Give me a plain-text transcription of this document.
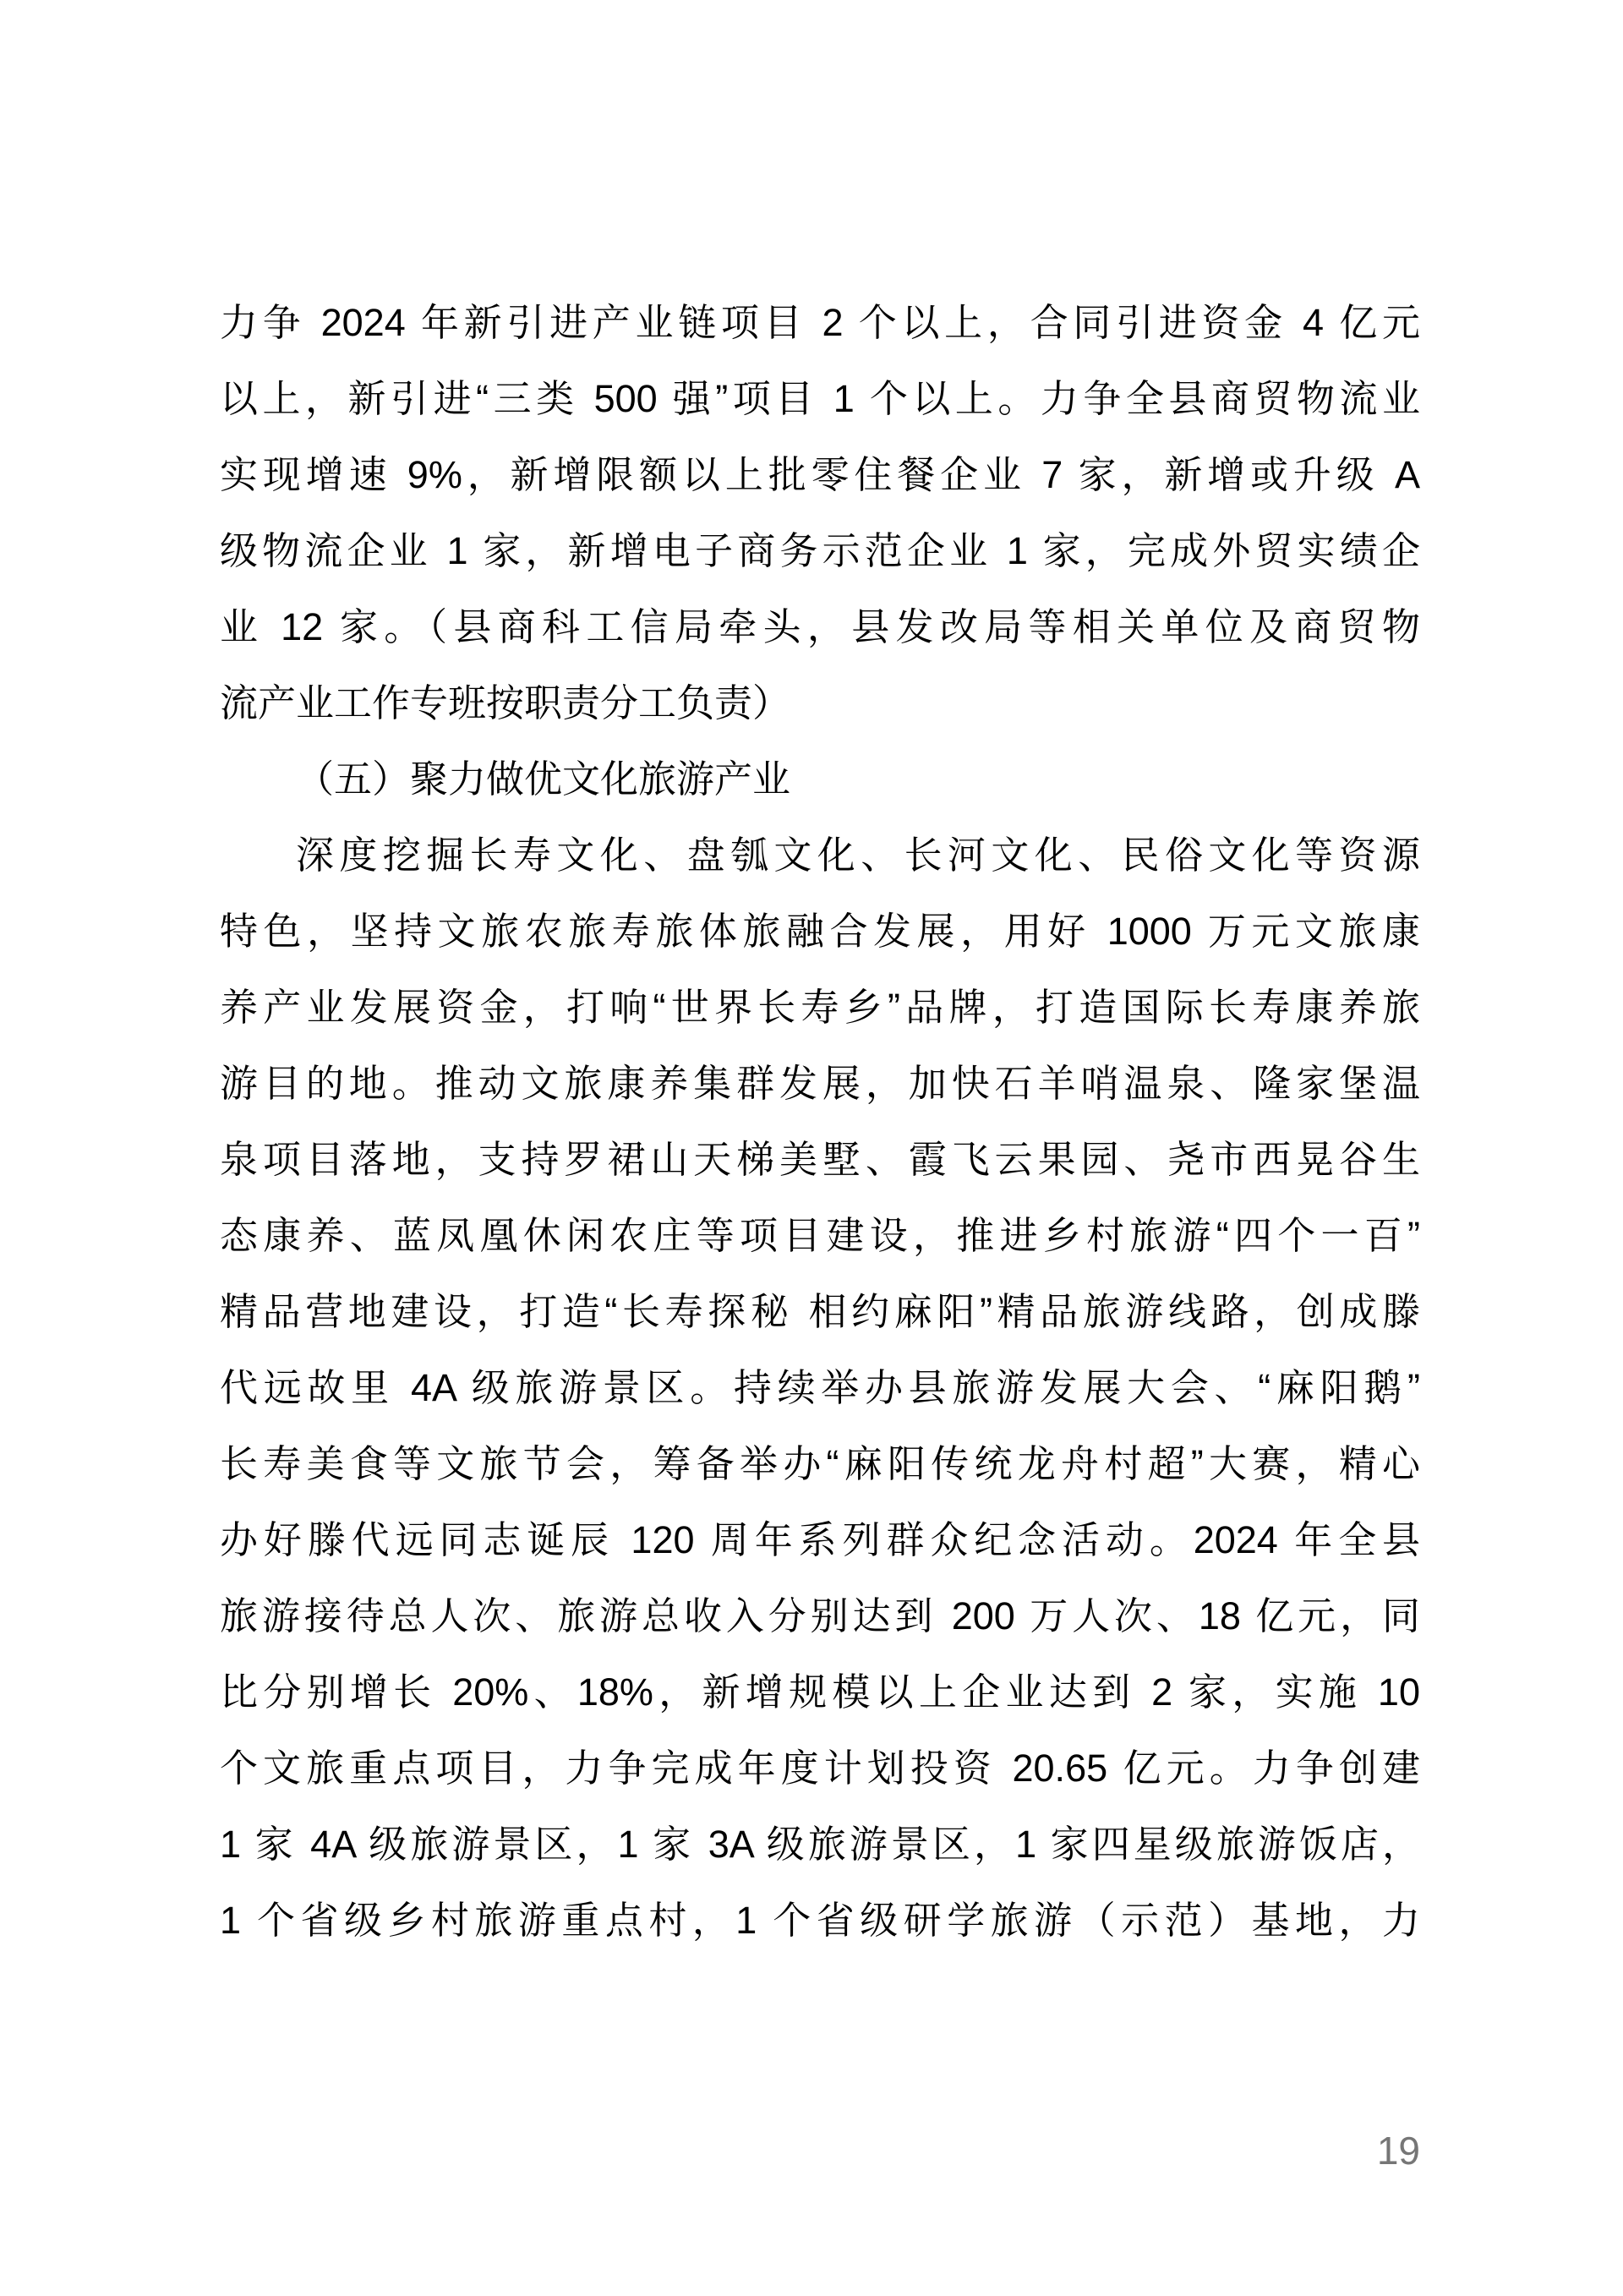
力争 2024 年新引进产业链项目 2 个以上，合同引进资金 4 亿元
以上，新引进“三类 500 强”项目 1 个以上。力争全县商贸物流业
实现增速 9%，新增限额以上批零住餐企业 7 家，新增或升级 A
级物流企业 1 家，新增电子商务示范企业 1 家，完成外贸实绩企
业 12 家。（县商科工信局牵头，县发改局等相关单位及商贸物
流产业工作专班按职责分工负责）
（五）聚力做优文化旅游产业
深度挖掘长寿文化、盘瓠文化、长河文化、民俗文化等资源
特色，坚持文旅农旅寿旅体旅融合发展，用好 1000 万元文旅康
养产业发展资金，打响“世界长寿乡”品牌，打造国际长寿康养旅
游目的地。推动文旅康养集群发展，加快石羊哨温泉、隆家堡温
泉项目落地，支持罗裙山天梯美墅、霞飞云果园、尧市西晃谷生
态康养、蓝凤凰休闲农庄等项目建设，推进乡村旅游“四个一百”
精品营地建设，打造“长寿探秘 相约麻阳”精品旅游线路，创成滕
代远故里 4A 级旅游景区。持续举办县旅游发展大会、“麻阳鹅”
长寿美食等文旅节会，筹备举办“麻阳传统龙舟村超”大赛，精心
办好滕代远同志诞辰 120 周年系列群众纪念活动。2024 年全县
旅游接待总人次、旅游总收入分别达到 200 万人次、18 亿元，同
比分别增长 20%、18%，新增规模以上企业达到 2 家，实施 10
个文旅重点项目，力争完成年度计划投资 20.65 亿元。力争创建
1 家 4A 级旅游景区，1 家 3A 级旅游景区，1 家四星级旅游饭店，
1 个省级乡村旅游重点村，1 个省级研学旅游（示范）基地，力
19
